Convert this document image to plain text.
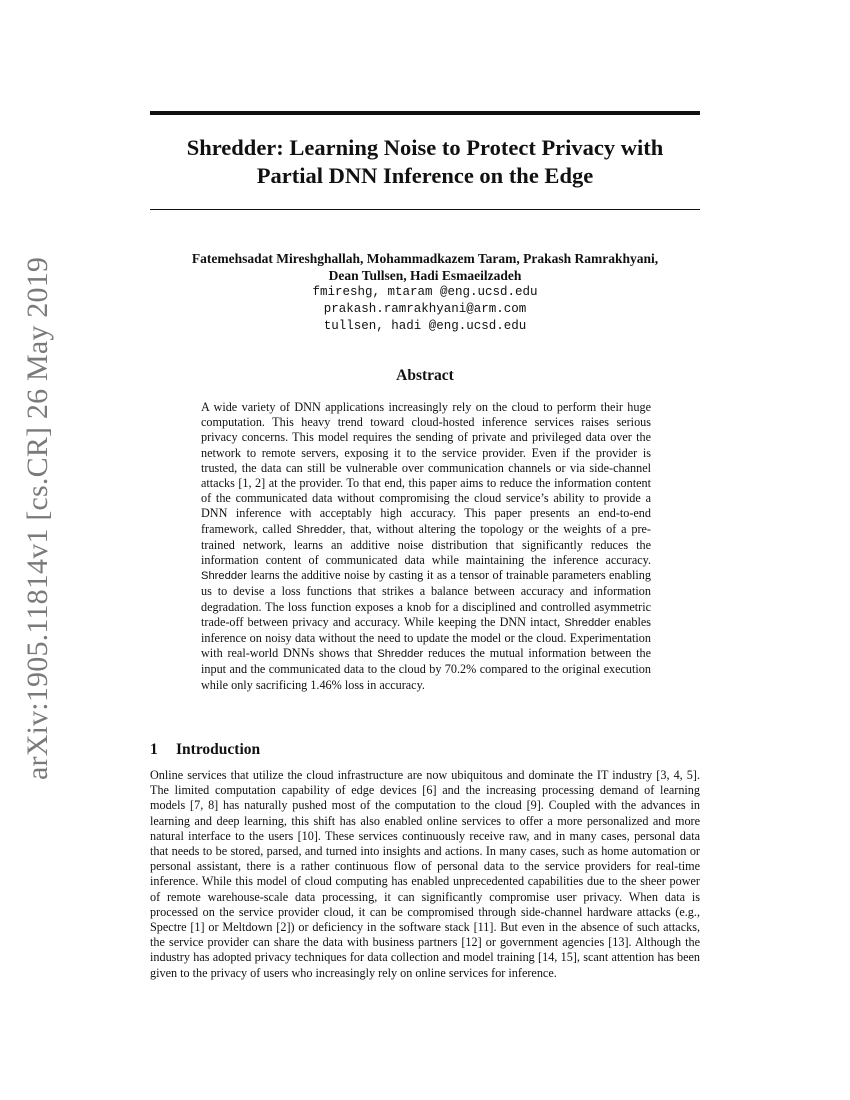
arXiv:1905.11814v1 [cs.CR] 26 May 2019
Shredder: Learning Noise to Protect Privacy with
Partial DNN Inference on the Edge
Fatemehsadat Mireshghallah, Mohammadkazem Taram, Prakash Ramrakhyani,
Dean Tullsen, Hadi Esmaeilzadeh
fmireshg, mtaram @eng.ucsd.edu
prakash.ramrakhyani@arm.com
tullsen, hadi @eng.ucsd.edu
Abstract
A wide variety of DNN applications increasingly rely on the cloud to perform their huge computation. This heavy trend toward cloud-hosted inference services raises serious privacy concerns. This model requires the sending of private and privileged data over the network to remote servers, exposing it to the service provider. Even if the provider is trusted, the data can still be vulnerable over communication channels or via side-channel attacks [1, 2] at the provider. To that end, this paper aims to reduce the information content of the communicated data without compromising the cloud service’s ability to provide a DNN inference with acceptably high accuracy. This paper presents an end-to-end framework, called Shredder, that, without altering the topology or the weights of a pre-trained network, learns an additive noise distribution that significantly reduces the information content of communicated data while maintaining the inference accuracy. Shredder learns the additive noise by casting it as a tensor of trainable parameters enabling us to devise a loss functions that strikes a balance between accuracy and information degradation. The loss function exposes a knob for a disciplined and controlled asymmetric trade-off between privacy and accuracy. While keeping the DNN intact, Shredder enables inference on noisy data without the need to update the model or the cloud. Experimentation with real-world DNNs shows that Shredder reduces the mutual information between the input and the communicated data to the cloud by 70.2% compared to the original execution while only sacrificing 1.46% loss in accuracy.
1 Introduction
Online services that utilize the cloud infrastructure are now ubiquitous and dominate the IT industry [3, 4, 5]. The limited computation capability of edge devices [6] and the increasing processing demand of learning models [7, 8] has naturally pushed most of the computation to the cloud [9]. Coupled with the advances in learning and deep learning, this shift has also enabled online services to offer a more personalized and more natural interface to the users [10]. These services continuously receive raw, and in many cases, personal data that needs to be stored, parsed, and turned into insights and actions. In many cases, such as home automation or personal assistant, there is a rather continuous flow of personal data to the service providers for real-time inference. While this model of cloud computing has enabled unprecedented capabilities due to the sheer power of remote warehouse-scale data processing, it can significantly compromise user privacy. When data is processed on the service provider cloud, it can be compromised through side-channel hardware attacks (e.g., Spectre [1] or Meltdown [2]) or deficiency in the software stack [11]. But even in the absence of such attacks, the service provider can share the data with business partners [12] or government agencies [13]. Although the industry has adopted privacy techniques for data collection and model training [14, 15], scant attention has been given to the privacy of users who increasingly rely on online services for inference.
